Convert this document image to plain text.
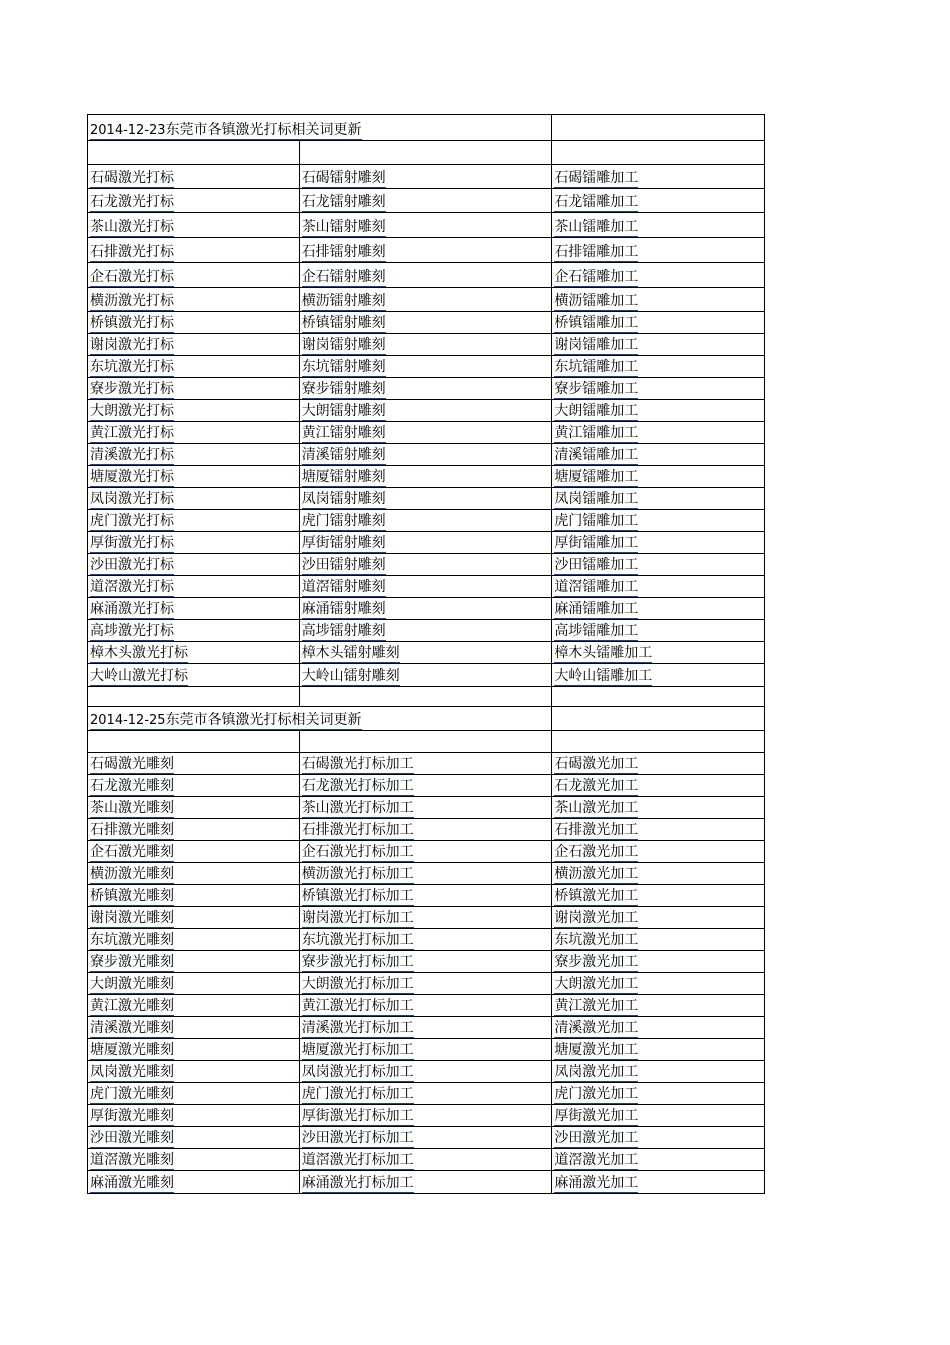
2014-12-23东莞市各镇激光打标相关词更新
石碣激光打标	石碣镭射雕刻	石碣镭雕加工
石龙激光打标	石龙镭射雕刻	石龙镭雕加工
茶山激光打标	茶山镭射雕刻	茶山镭雕加工
石排激光打标	石排镭射雕刻	石排镭雕加工
企石激光打标	企石镭射雕刻	企石镭雕加工
横沥激光打标	横沥镭射雕刻	横沥镭雕加工
桥镇激光打标	桥镇镭射雕刻	桥镇镭雕加工
谢岗激光打标	谢岗镭射雕刻	谢岗镭雕加工
东坑激光打标	东坑镭射雕刻	东坑镭雕加工
寮步激光打标	寮步镭射雕刻	寮步镭雕加工
大朗激光打标	大朗镭射雕刻	大朗镭雕加工
黄江激光打标	黄江镭射雕刻	黄江镭雕加工
清溪激光打标	清溪镭射雕刻	清溪镭雕加工
塘厦激光打标	塘厦镭射雕刻	塘厦镭雕加工
凤岗激光打标	凤岗镭射雕刻	凤岗镭雕加工
虎门激光打标	虎门镭射雕刻	虎门镭雕加工
厚街激光打标	厚街镭射雕刻	厚街镭雕加工
沙田激光打标	沙田镭射雕刻	沙田镭雕加工
道滘激光打标	道滘镭射雕刻	道滘镭雕加工
麻涌激光打标	麻涌镭射雕刻	麻涌镭雕加工
高埗激光打标	高埗镭射雕刻	高埗镭雕加工
樟木头激光打标	樟木头镭射雕刻	樟木头镭雕加工
大岭山激光打标	大岭山镭射雕刻	大岭山镭雕加工
2014-12-25东莞市各镇激光打标相关词更新
石碣激光雕刻	石碣激光打标加工	石碣激光加工
石龙激光雕刻	石龙激光打标加工	石龙激光加工
茶山激光雕刻	茶山激光打标加工	茶山激光加工
石排激光雕刻	石排激光打标加工	石排激光加工
企石激光雕刻	企石激光打标加工	企石激光加工
横沥激光雕刻	横沥激光打标加工	横沥激光加工
桥镇激光雕刻	桥镇激光打标加工	桥镇激光加工
谢岗激光雕刻	谢岗激光打标加工	谢岗激光加工
东坑激光雕刻	东坑激光打标加工	东坑激光加工
寮步激光雕刻	寮步激光打标加工	寮步激光加工
大朗激光雕刻	大朗激光打标加工	大朗激光加工
黄江激光雕刻	黄江激光打标加工	黄江激光加工
清溪激光雕刻	清溪激光打标加工	清溪激光加工
塘厦激光雕刻	塘厦激光打标加工	塘厦激光加工
凤岗激光雕刻	凤岗激光打标加工	凤岗激光加工
虎门激光雕刻	虎门激光打标加工	虎门激光加工
厚街激光雕刻	厚街激光打标加工	厚街激光加工
沙田激光雕刻	沙田激光打标加工	沙田激光加工
道滘激光雕刻	道滘激光打标加工	道滘激光加工
麻涌激光雕刻	麻涌激光打标加工	麻涌激光加工
